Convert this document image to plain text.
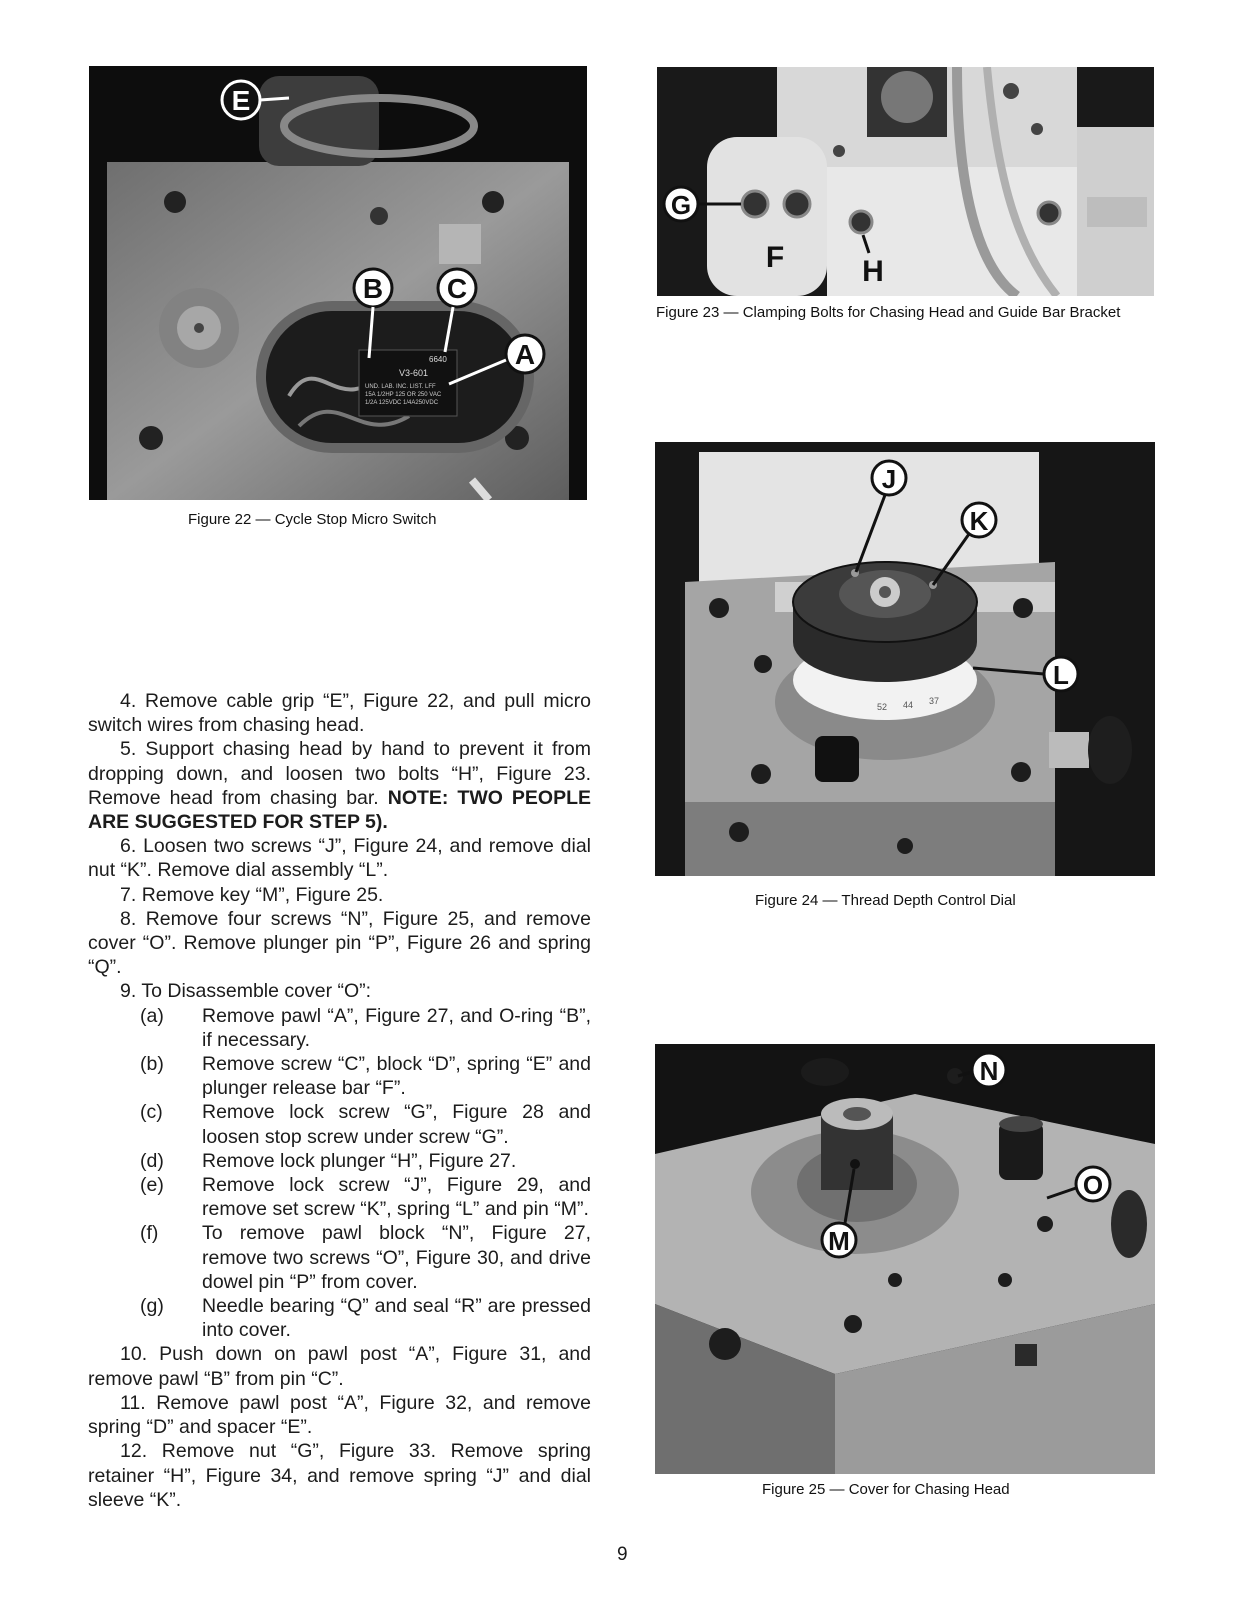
6640
V3-601
UND. LAB. INC. LIST. LFF
15A 1/2HP 125 OR 250 VAC
1/2A 125VDC 1/4A250VDC
E
B C
A
Figure 22 — Cycle Stop Micro Switch
G
F	H
Figure 23 — Clamping Bolts for Chasing Head and Guide Bar Bracket
52 44 37
J
K
L
Figure 24 — Thread Depth Control Dial
N
O
M
Figure 25 — Cover for Chasing Head

4. Remove cable grip “E”, Figure 22, and pull micro switch wires from chasing head.

5. Support chasing head by hand to prevent it from dropping down, and loosen two bolts “H”, Figure 23. Remove head from chasing bar. NOTE: TWO PEOPLE ARE SUGGESTED FOR STEP 5).

6. Loosen two screws “J”, Figure 24, and remove dial nut “K”. Remove dial assembly “L”.

7. Remove key “M”, Figure 25.

8. Remove four screws “N”, Figure 25, and remove cover “O”. Remove plunger pin “P”, Figure 26 and spring “Q”.

9. To Disassemble cover “O”:

(a)	Remove pawl “A”, Figure 27, and O-ring “B”, if necessary.
(b)	Remove screw “C”, block “D”, spring “E” and plunger release bar “F”.
(c)	Remove lock screw “G”, Figure 28 and loosen stop screw under screw “G”.
(d)	Remove lock plunger “H”, Figure 27.
(e)	Remove lock screw “J”, Figure 29, and remove set screw “K”, spring “L” and pin “M”.
(f)	To remove pawl block “N”, Figure 27, remove two screws “O”, Figure 30, and drive dowel pin “P” from cover.
(g)	Needle bearing “Q” and seal “R” are pressed into cover.

10. Push down on pawl post “A”, Figure 31, and remove pawl “B” from pin “C”.

11. Remove pawl post “A”, Figure 32, and remove spring “D” and spacer “E”.

12. Remove nut “G”, Figure 33. Remove spring retainer “H”, Figure 34, and remove spring “J” and dial sleeve “K”.

9
